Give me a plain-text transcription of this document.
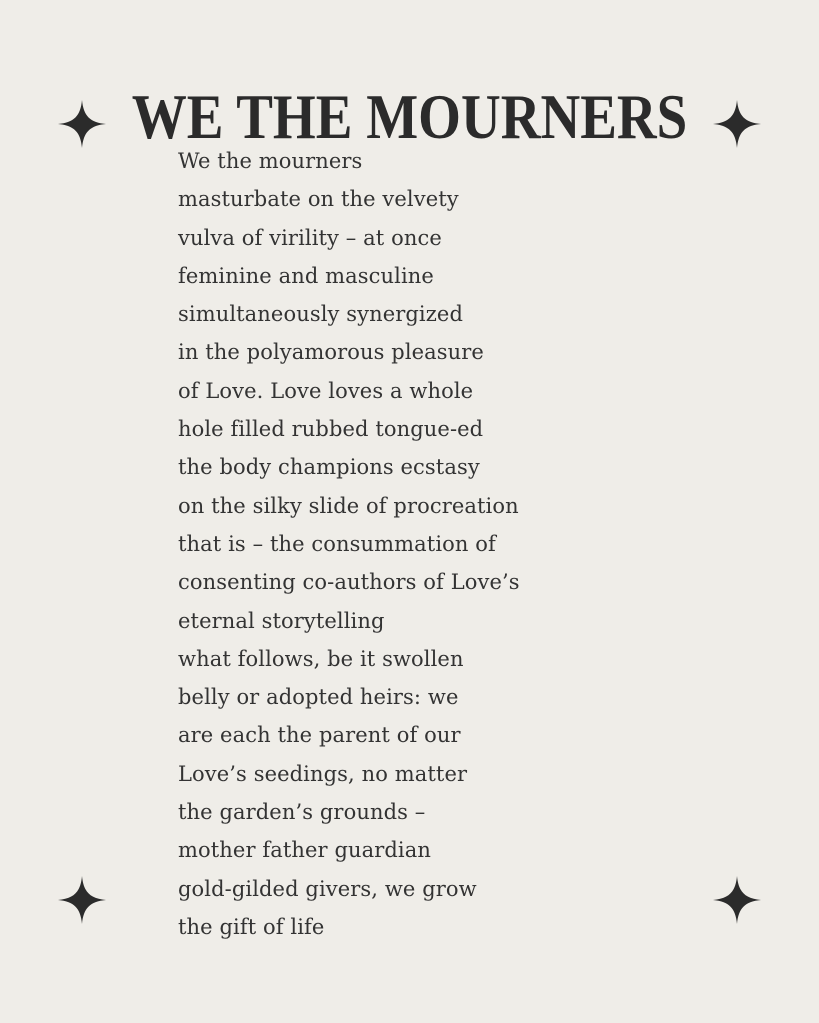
WE THE MOURNERS
We the mourners
masturbate on the velvety
vulva of virility – at once
feminine and masculine
simultaneously synergized
in the polyamorous pleasure
of Love. Love loves a whole
hole filled rubbed tongue-ed
the body champions ecstasy
on the silky slide of procreation
that is – the consummation of
consenting co-authors of Love’s
eternal storytelling
what follows, be it swollen
belly or adopted heirs: we
are each the parent of our
Love’s seedings, no matter
the garden’s grounds –
mother father guardian
gold-gilded givers, we grow
the gift of life
